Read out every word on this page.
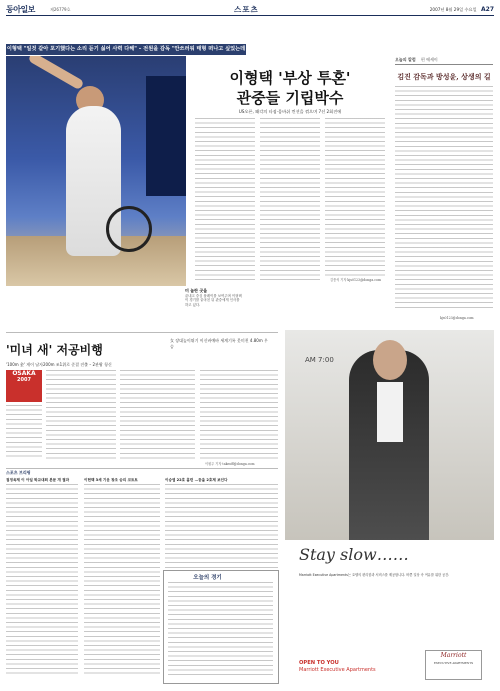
동아일보	제26779호	스포츠	2007년 8월 29일 수요일 A27
이형택 "일것 같아 포기했다는 소리 듣기 싫어 사력 다해" – 전원을 감독 "안쓰러워 태형 떠나고 싶었는데
이형택 '부상 투혼'
관중들 기립박수
US오픈, 왜각의 타점·몸바쉬 컨션을 꺾으며 7선 2회진에
김종석 기자 kjs0123@donga.com
미 놀란 곳을
끝내고 중심 플레이를 보여주며 이형택이 경기를 끝마친 뒤 관중에게 인사를 하고 있다.
오늘의 칼럼 편 에세이
김진 감독과 방성윤, 상생의 길
kjs0123@donga.com
'미녀 새' 저공비행
女 장대높이뛰기 이신바예바 세계기록 못미친 4.80m 우승
'100m 金' 게이 남자200m 조1위로 준결 진출 – 2관왕 청신
OSAKA
2007
이원주 기자 takeoff@donga.com
스포츠 브리핑
점정육제 이 아일 학교대회 본문 개 결과	이현택 3세 기운 창조 승리 코트트	이승엽 22호 흠런 …등을 2호제 보인다
오늘의 경기
AM 7:00
Stay slow……
Marriott Executive Apartments는 호텔의 편리함과 서비스를 제공합니다. 바쁜 일상 속 여유를 위한 공간.
OPEN TO YOU
Marriott Executive Apartments
Marriott
EXECUTIVE APARTMENTS
